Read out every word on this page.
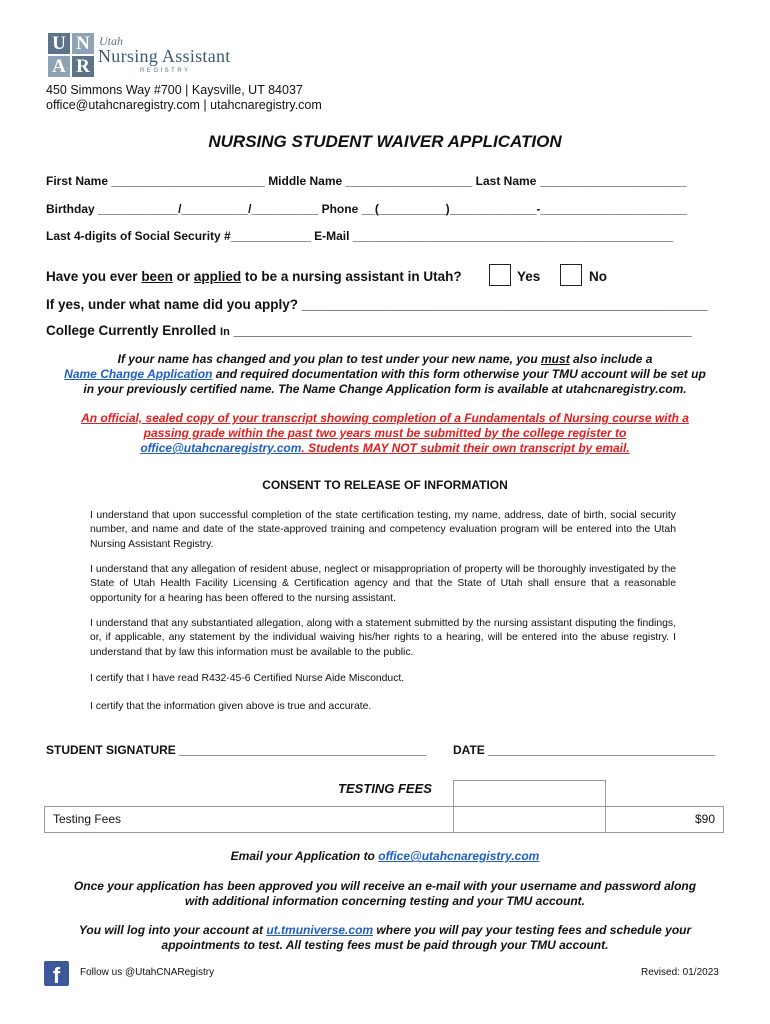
U N
A R
Utah
Nursing Assistant
REGISTRY
450 Simmons Way #700 | Kaysville, UT 84037
office@utahcnaregistry.com | utahcnaregistry.com
NURSING STUDENT WAIVER APPLICATION
First Name _______________________ Middle Name ___________________ Last Name ______________________
Birthday ____________/__________/__________ Phone __(__________)_____________-______________________
Last 4-digits of Social Security #____________ E-Mail ________________________________________________
Have you ever been or applied to be a nursing assistant in Utah?	Yes	No
If yes, under what name did you apply? ______________________________________________________
College Currently Enrolled In _____________________________________________________________
If your name has changed and you plan to test under your new name, you must also include a
Name Change Application and required documentation with this form otherwise your TMU account will be set up
in your previously certified name. The Name Change Application form is available at utahcnaregistry.com.
An official, sealed copy of your transcript showing completion of a Fundamentals of Nursing course with a
passing grade within the past two years must be submitted by the college register to
office@utahcnaregistry.com. Students MAY NOT submit their own transcript by email.
CONSENT TO RELEASE OF INFORMATION
I understand that upon successful completion of the state certification testing, my name, address, date of birth, social security number, and name and date of the state-approved training and competency evaluation program will be entered into the Utah Nursing Assistant Registry.
I understand that any allegation of resident abuse, neglect or misappropriation of property will be thoroughly investigated by the State of Utah Health Facility Licensing & Certification agency and that the State of Utah shall ensure that a reasonable opportunity for a hearing has been offered to the nursing assistant.
I understand that any substantiated allegation, along with a statement submitted by the nursing assistant disputing the findings, or, if applicable, any statement by the individual waiving his/her rights to a hearing, will be entered into the abuse registry. I understand that by law this information must be available to the public.
I certify that I have read R432-45-6 Certified Nurse Aide Misconduct.
I certify that the information given above is true and accurate.
STUDENT SIGNATURE _____________________________________ DATE __________________________________

Testing Fees		$90
TESTING FEES
Email your Application to office@utahcnaregistry.com
Once your application has been approved you will receive an e-mail with your username and password along
with additional information concerning testing and your TMU account.
You will log into your account at ut.tmuniverse.com where you will pay your testing fees and schedule your
appointments to test. All testing fees must be paid through your TMU account.
f	Follow us @UtahCNARegistry	Revised: 01/2023
